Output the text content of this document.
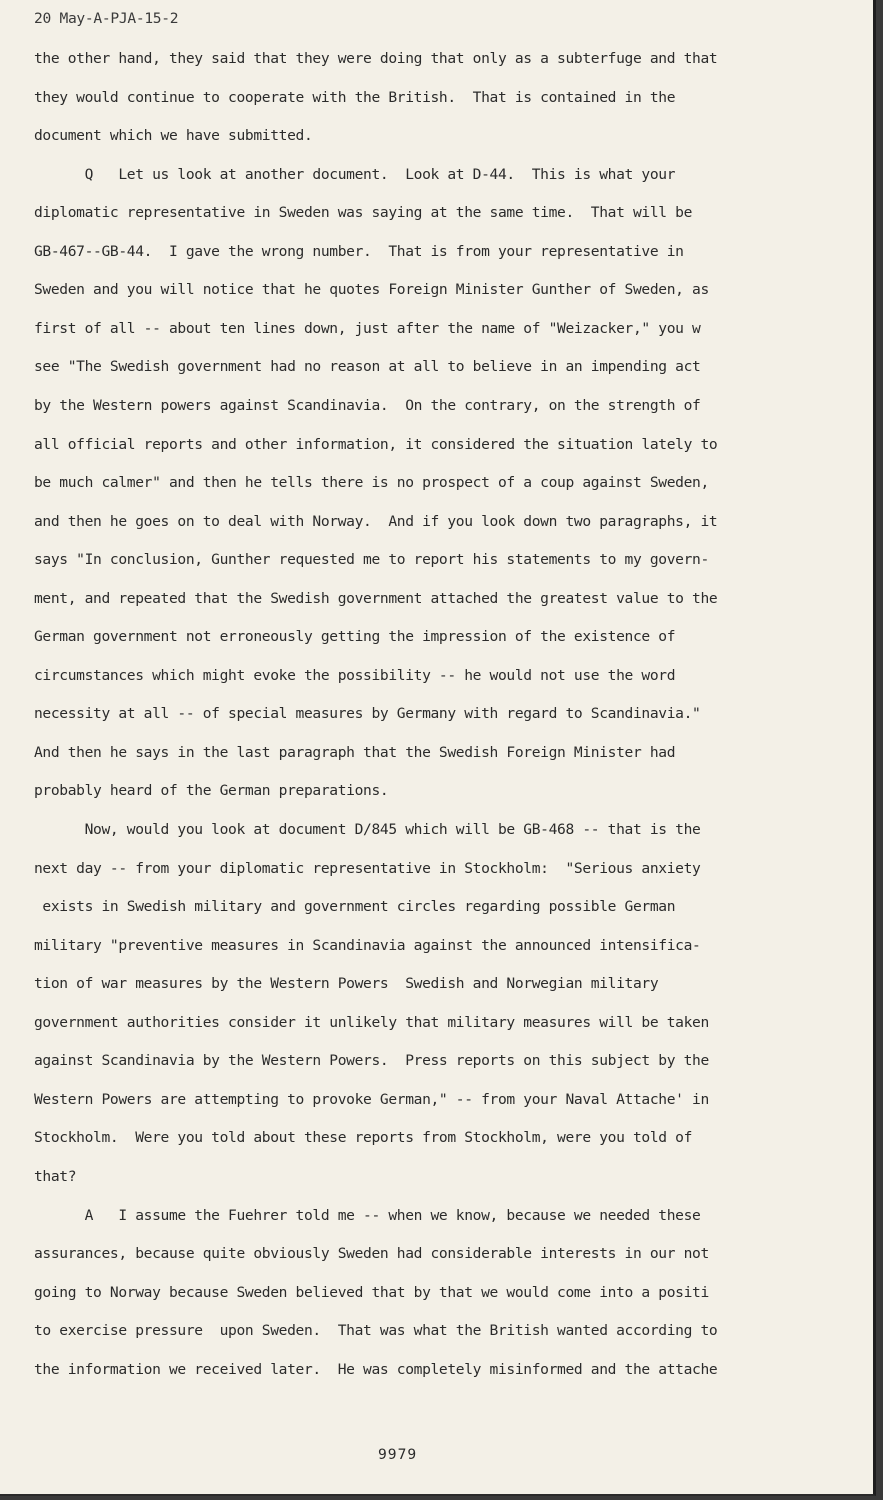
20 May-A-PJA-15-2
the other hand, they said that they were doing that only as a subterfuge and that
they would continue to cooperate with the British.  That is contained in the
document which we have submitted.
Q   Let us look at another document.  Look at D-44.  This is what your
diplomatic representative in Sweden was saying at the same time.  That will be
GB-467--GB-44.  I gave the wrong number.  That is from your representative in
Sweden and you will notice that he quotes Foreign Minister Gunther of Sweden, as
first of all -- about ten lines down, just after the name of "Weizacker," you w
see "The Swedish government had no reason at all to believe in an impending act
by the Western powers against Scandinavia.  On the contrary, on the strength of
all official reports and other information, it considered the situation lately to
be much calmer" and then he tells there is no prospect of a coup against Sweden,
and then he goes on to deal with Norway.  And if you look down two paragraphs, it
says "In conclusion, Gunther requested me to report his statements to my govern-
ment, and repeated that the Swedish government attached the greatest value to the
German government not erroneously getting the impression of the existence of
circumstances which might evoke the possibility -- he would not use the word
necessity at all -- of special measures by Germany with regard to Scandinavia."
And then he says in the last paragraph that the Swedish Foreign Minister had
probably heard of the German preparations.
Now, would you look at document D/845 which will be GB-468 -- that is the
next day -- from your diplomatic representative in Stockholm:  "Serious anxiety
exists in Swedish military and government circles regarding possible German
military "preventive measures in Scandinavia against the announced intensifica-
tion of war measures by the Western Powers  Swedish and Norwegian military
government authorities consider it unlikely that military measures will be taken
against Scandinavia by the Western Powers.  Press reports on this subject by the
Western Powers are attempting to provoke German," -- from your Naval Attache' in
Stockholm.  Were you told about these reports from Stockholm, were you told of
that?
A   I assume the Fuehrer told me -- when we know, because we needed these
assurances, because quite obviously Sweden had considerable interests in our not
going to Norway because Sweden believed that by that we would come into a positi
to exercise pressure  upon Sweden.  That was what the British wanted according to
the information we received later.  He was completely misinformed and the attache
9979
